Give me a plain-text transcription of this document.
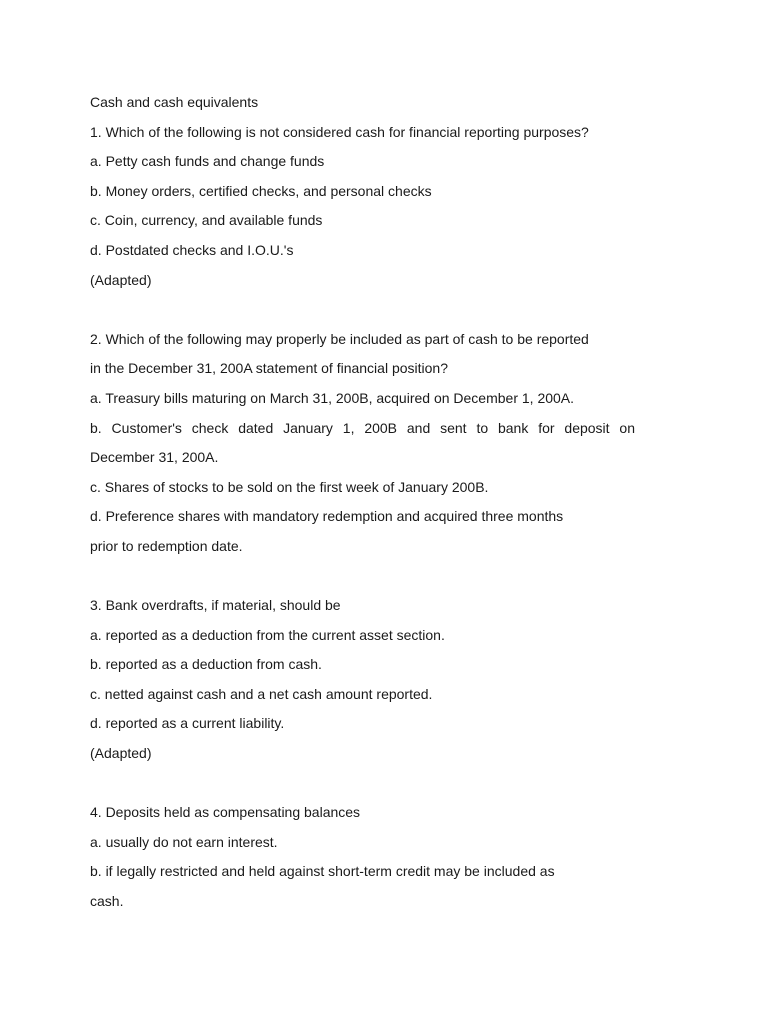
Cash and cash equivalents
1. Which of the following is not considered cash for financial reporting purposes?
a. Petty cash funds and change funds
b. Money orders, certified checks, and personal checks
c. Coin, currency, and available funds
d. Postdated checks and I.O.U.'s
(Adapted)
2. Which of the following may properly be included as part of cash to be reported
in the December 31, 200A statement of financial position?
a. Treasury bills maturing on March 31, 200B, acquired on December 1, 200A.
b. Customer's check dated January 1, 200B and sent to bank for deposit on
December 31, 200A.
c. Shares of stocks to be sold on the first week of January 200B.
d. Preference shares with mandatory redemption and acquired three months
prior to redemption date.
3. Bank overdrafts, if material, should be
a. reported as a deduction from the current asset section.
b. reported as a deduction from cash.
c. netted against cash and a net cash amount reported.
d. reported as a current liability.
(Adapted)
4. Deposits held as compensating balances
a. usually do not earn interest.
b. if legally restricted and held against short-term credit may be included as
cash.
